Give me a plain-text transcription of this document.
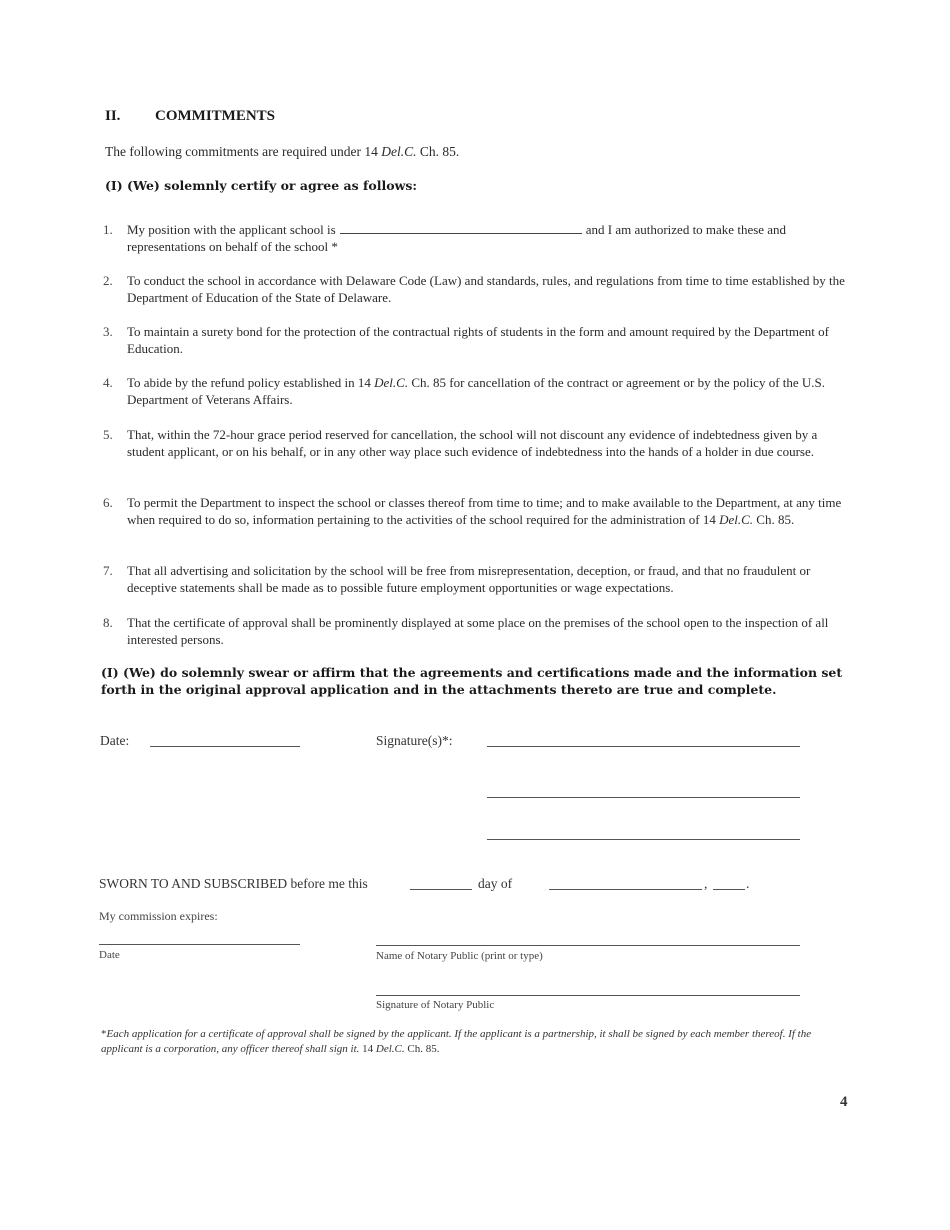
II. COMMITMENTS
The following commitments are required under 14 Del.C. Ch. 85.
(I) (We) solemnly certify or agree as follows:
1.	My position with the applicant school is	and I am authorized to make these and representations on behalf of the school *
2.	To conduct the school in accordance with Delaware Code (Law) and standards, rules, and regulations from time to time established by the Department of Education of the State of Delaware.
3.	To maintain a surety bond for the protection of the contractual rights of students in the form and amount required by the Department of Education.
4.	To abide by the refund policy established in 14 Del.C. Ch. 85 for cancellation of the contract or agreement or by the policy of the U.S. Department of Veterans Affairs.
5.	That, within the 72-hour grace period reserved for cancellation, the school will not discount any evidence of indebtedness given by a student applicant, or on his behalf, or in any other way place such evidence of indebtedness into the hands of a holder in due course.
6.	To permit the Department to inspect the school or classes thereof from time to time; and to make available to the Department, at any time when required to do so, information pertaining to the activities of the school required for the administration of 14 Del.C. Ch. 85.
7.	That all advertising and solicitation by the school will be free from misrepresentation, deception, or fraud, and that no fraudulent or deceptive statements shall be made as to possible future employment opportunities or wage expectations.
8.	That the certificate of approval shall be prominently displayed at some place on the premises of the school open to the inspection of all interested persons.
(I) (We) do solemnly swear or affirm that the agreements and certifications made and the information set forth in the original approval application and in the attachments thereto are true and complete.
Date:	Signature(s)*:
SWORN TO AND SUBSCRIBED before me this	day of	,	.
My commission expires:
Date	Name of Notary Public (print or type)
Signature of Notary Public
*Each application for a certificate of approval shall be signed by the applicant. If the applicant is a partnership, it shall be signed by each member thereof. If the applicant is a corporation, any officer thereof shall sign it. 14 Del.C. Ch. 85.
4
